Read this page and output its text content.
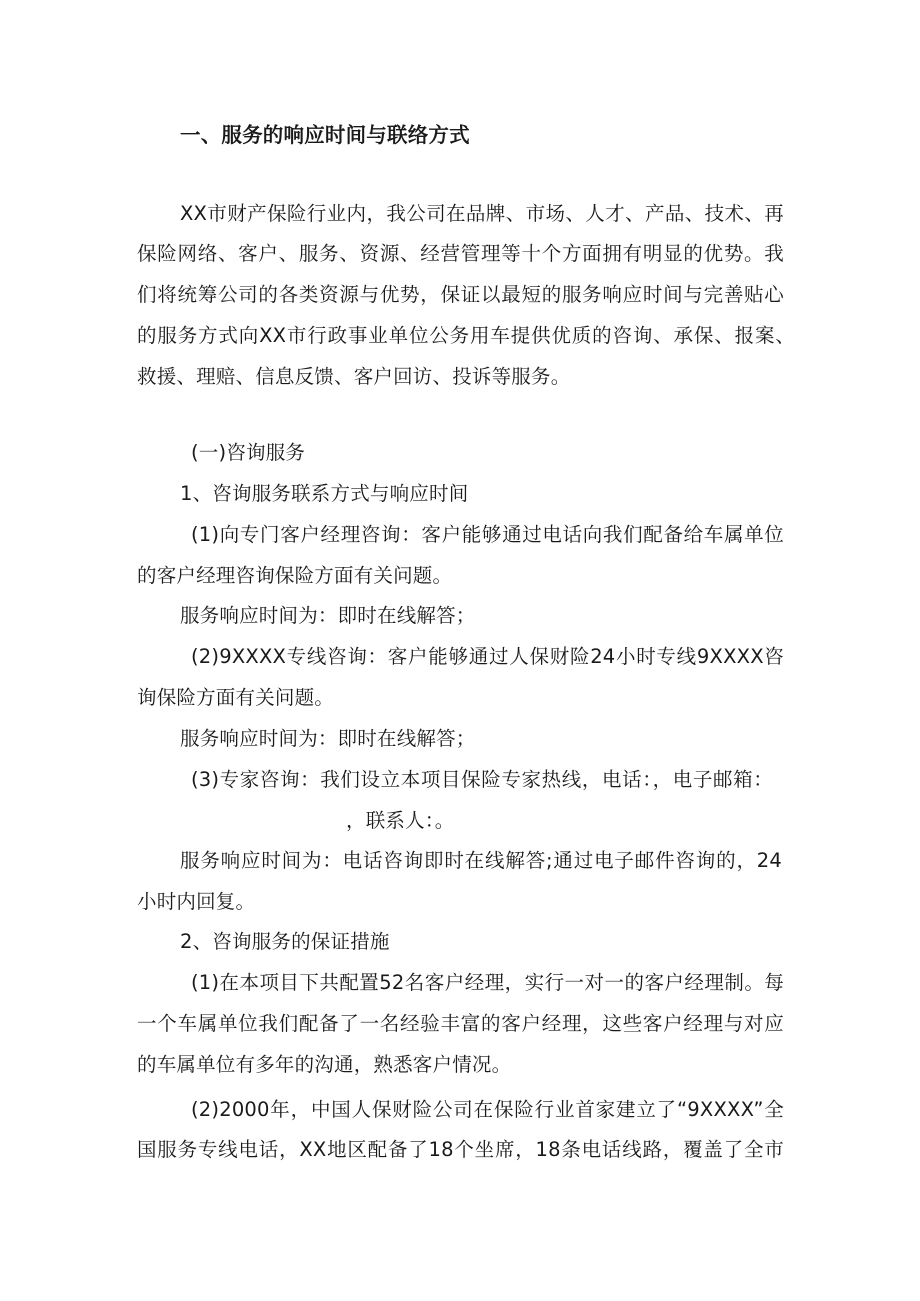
一、服务的响应时间与联络方式
XX市财产保险行业内，我公司在品牌、市场、人才、产品、技术、再
保险网络、客户、服务、资源、经营管理等十个方面拥有明显的优势。我
们将统筹公司的各类资源与优势，保证以最短的服务响应时间与完善贴心
的服务方式向XX市行政事业单位公务用车提供优质的咨询、承保、报案、
救援、理赔、信息反馈、客户回访、投诉等服务。
(一)咨询服务
1、咨询服务联系方式与响应时间
(1)向专门客户经理咨询：客户能够通过电话向我们配备给车属单位
的客户经理咨询保险方面有关问题。
服务响应时间为：即时在线解答；
(2)9XXXX专线咨询：客户能够通过人保财险24小时专线9XXXX咨
询保险方面有关问题。
服务响应时间为：即时在线解答；
(3)专家咨询：我们设立本项目保险专家热线，电话：，电子邮箱：
，联系人：。
服务响应时间为：电话咨询即时在线解答;通过电子邮件咨询的，24
小时内回复。
2、咨询服务的保证措施
(1)在本项目下共配置52名客户经理，实行一对一的客户经理制。每
一个车属单位我们配备了一名经验丰富的客户经理，这些客户经理与对应
的车属单位有多年的沟通，熟悉客户情况。
(2)2000年，中国人保财险公司在保险行业首家建立了“9XXXX”全
国服务专线电话，XX地区配备了18个坐席，18条电话线路，覆盖了全市
